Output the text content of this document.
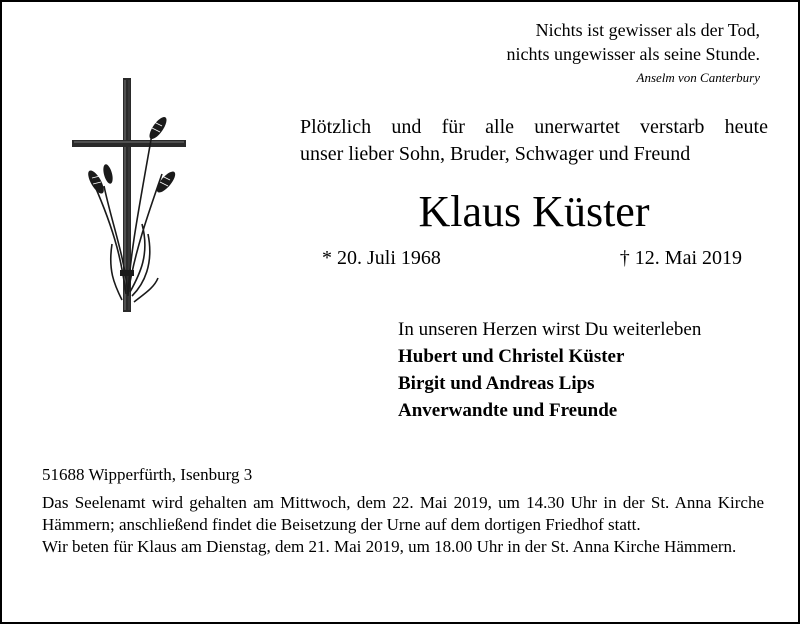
Nichts ist gewisser als der Tod,
nichts ungewisser als seine Stunde.
Anselm von Canterbury
Plötzlich und für alle unerwartet verstarb heute
unser lieber Sohn, Bruder, Schwager und Freund
Klaus Küster
* 20. Juli 1968	† 12. Mai 2019
In unseren Herzen wirst Du weiterleben
Hubert und Christel Küster
Birgit und Andreas Lips
Anverwandte und Freunde
51688 Wipperfürth, Isenburg 3

Das Seelenamt wird gehalten am Mittwoch, dem 22. Mai 2019, um 14.30 Uhr in der St. Anna Kirche Hämmern; anschließend findet die Beisetzung der Urne auf dem dortigen Friedhof statt.

Wir beten für Klaus am Dienstag, dem 21. Mai 2019, um 18.00 Uhr in der St. Anna Kirche Hämmern.
